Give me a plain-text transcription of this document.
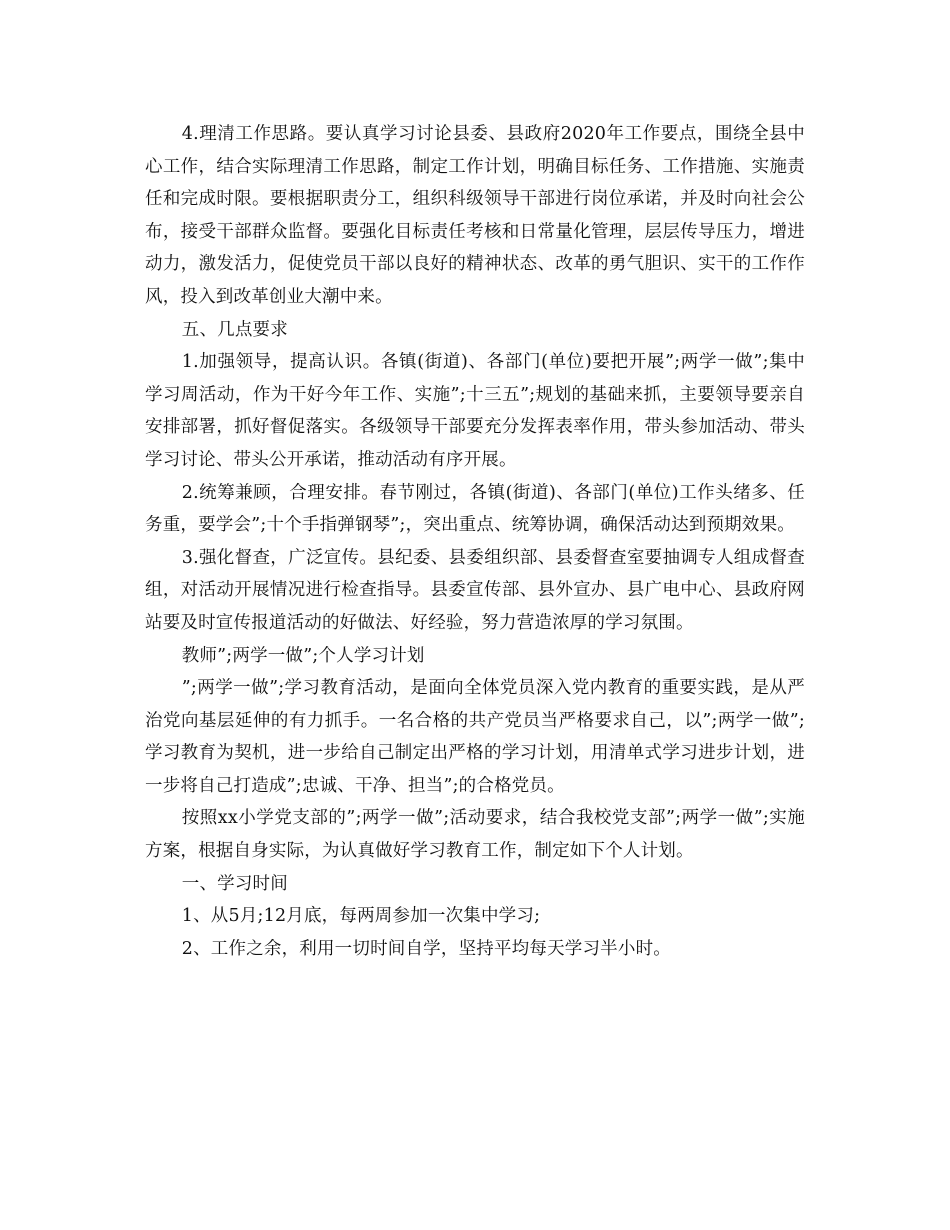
4.理清工作思路。要认真学习讨论县委、县政府2020年工作要点，围绕全县中心工作，结合实际理清工作思路，制定工作计划，明确目标任务、工作措施、实施责任和完成时限。要根据职责分工，组织科级领导干部进行岗位承诺，并及时向社会公布，接受干部群众监督。要强化目标责任考核和日常量化管理，层层传导压力，增进动力，激发活力，促使党员干部以良好的精神状态、改革的勇气胆识、实干的工作作风，投入到改革创业大潮中来。

五、几点要求

1.加强领导，提高认识。各镇(街道)、各部门(单位)要把开展”;两学一做”;集中学习周活动，作为干好今年工作、实施”;十三五”;规划的基础来抓，主要领导要亲自安排部署，抓好督促落实。各级领导干部要充分发挥表率作用，带头参加活动、带头学习讨论、带头公开承诺，推动活动有序开展。

2.统筹兼顾，合理安排。春节刚过，各镇(街道)、各部门(单位)工作头绪多、任务重，要学会”;十个手指弹钢琴”;，突出重点、统筹协调，确保活动达到预期效果。

3.强化督查，广泛宣传。县纪委、县委组织部、县委督查室要抽调专人组成督查组，对活动开展情况进行检查指导。县委宣传部、县外宣办、县广电中心、县政府网站要及时宣传报道活动的好做法、好经验，努力营造浓厚的学习氛围。

教师”;两学一做”;个人学习计划

”;两学一做”;学习教育活动，是面向全体党员深入党内教育的重要实践，是从严治党向基层延伸的有力抓手。一名合格的共产党员当严格要求自己，以”;两学一做”;学习教育为契机，进一步给自己制定出严格的学习计划，用清单式学习进步计划，进一步将自己打造成”;忠诚、干净、担当”;的合格党员。

按照xx小学党支部的”;两学一做”;活动要求，结合我校党支部”;两学一做”;实施方案，根据自身实际，为认真做好学习教育工作，制定如下个人计划。

一、学习时间

1、从5月;12月底，每两周参加一次集中学习;

2、工作之余，利用一切时间自学，坚持平均每天学习半小时。
